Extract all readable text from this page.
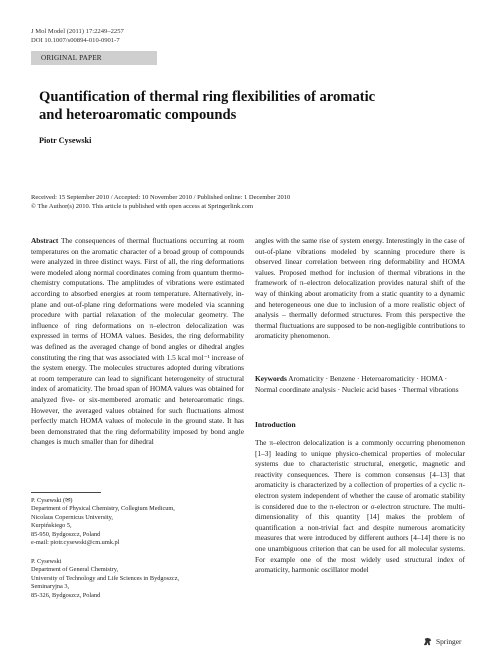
J Mol Model (2011) 17:2249–2257
DOI 10.1007/s00894-010-0901-7
ORIGINAL PAPER
Quantification of thermal ring flexibilities of aromatic
and heteroaromatic compounds
Piotr Cysewski
Received: 15 September 2010 / Accepted: 10 November 2010 / Published online: 1 December 2010
© The Author(s) 2010. This article is published with open access at Springerlink.com
Abstract The consequences of thermal fluctuations occurring at room temperatures on the aromatic character of a broad group of compounds were analyzed in three distinct ways. First of all, the ring deformations were modeled along normal coordinates coming from quantum thermo-chemistry computations. The amplitudes of vibrations were estimated according to absorbed energies at room temperature. Alternatively, in-plane and out-of-plane ring deformations were modeled via scanning procedure with partial relaxation of the molecular geometry. The influence of ring deformations on π–electron delocalization was expressed in terms of HOMA values. Besides, the ring deformability was defined as the averaged change of bond angles or dihedral angles constituting the ring that was associated with 1.5 kcal mol⁻¹ increase of the system energy. The molecules structures adopted during vibrations at room temperature can lead to significant heterogeneity of structural index of aromaticity. The broad span of HOMA values was obtained for analyzed five- or six-membered aromatic and heteroaromatic rings. However, the averaged values obtained for such fluctuations almost perfectly match HOMA values of molecule in the ground state. It has been demonstrated that the ring deformability imposed by bond angle changes is much smaller than for dihedral
angles with the same rise of system energy. Interestingly in the case of out-of-plane vibrations modeled by scanning procedure there is observed linear correlation between ring deformability and HOMA values. Proposed method for inclusion of thermal vibrations in the framework of π–electron delocalization provides natural shift of the way of thinking about aromaticity from a static quantity to a dynamic and heterogeneous one due to inclusion of a more realistic object of analysis – thermally deformed structures. From this perspective the thermal fluctuations are supposed to be non-negligible contributions to aromaticity phenomenon.
Keywords Aromaticity · Benzene · Heteroaromaticity · HOMA · Normal coordinate analysis · Nucleic acid bases · Thermal vibrations
Introduction
The π–electron delocalization is a commonly occurring phenomenon [1–3] leading to unique physico-chemical properties of molecular systems due to characteristic structural, energetic, magnetic and reactivity consequences. There is common consensus [4–13] that aromaticity is characterized by a collection of properties of a cyclic π-electron system independent of whether the cause of aromatic stability is considered due to the π-electron or σ-electron structure. The multi-dimensionality of this quantity [14] makes the problem of quantification a non-trivial fact and despite numerous aromaticity measures that were introduced by different authors [4–14] there is no one unambiguous criterion that can be used for all molecular systems. For example one of the most widely used structural index of aromaticity, harmonic oscillator model
P. Cysewski (✉)
Department of Physical Chemistry, Collegium Medicum,
Nicolaus Copernicus University,
Kurpińskiego 5,
85-950, Bydgoszcz, Poland
e-mail: piotr.cysewski@cm.umk.pl
P. Cysewski
Department of General Chemistry,
University of Technology and Life Sciences in Bydgoszcz,
Seminaryjna 3,
85-326, Bydgoszcz, Poland
Springer
